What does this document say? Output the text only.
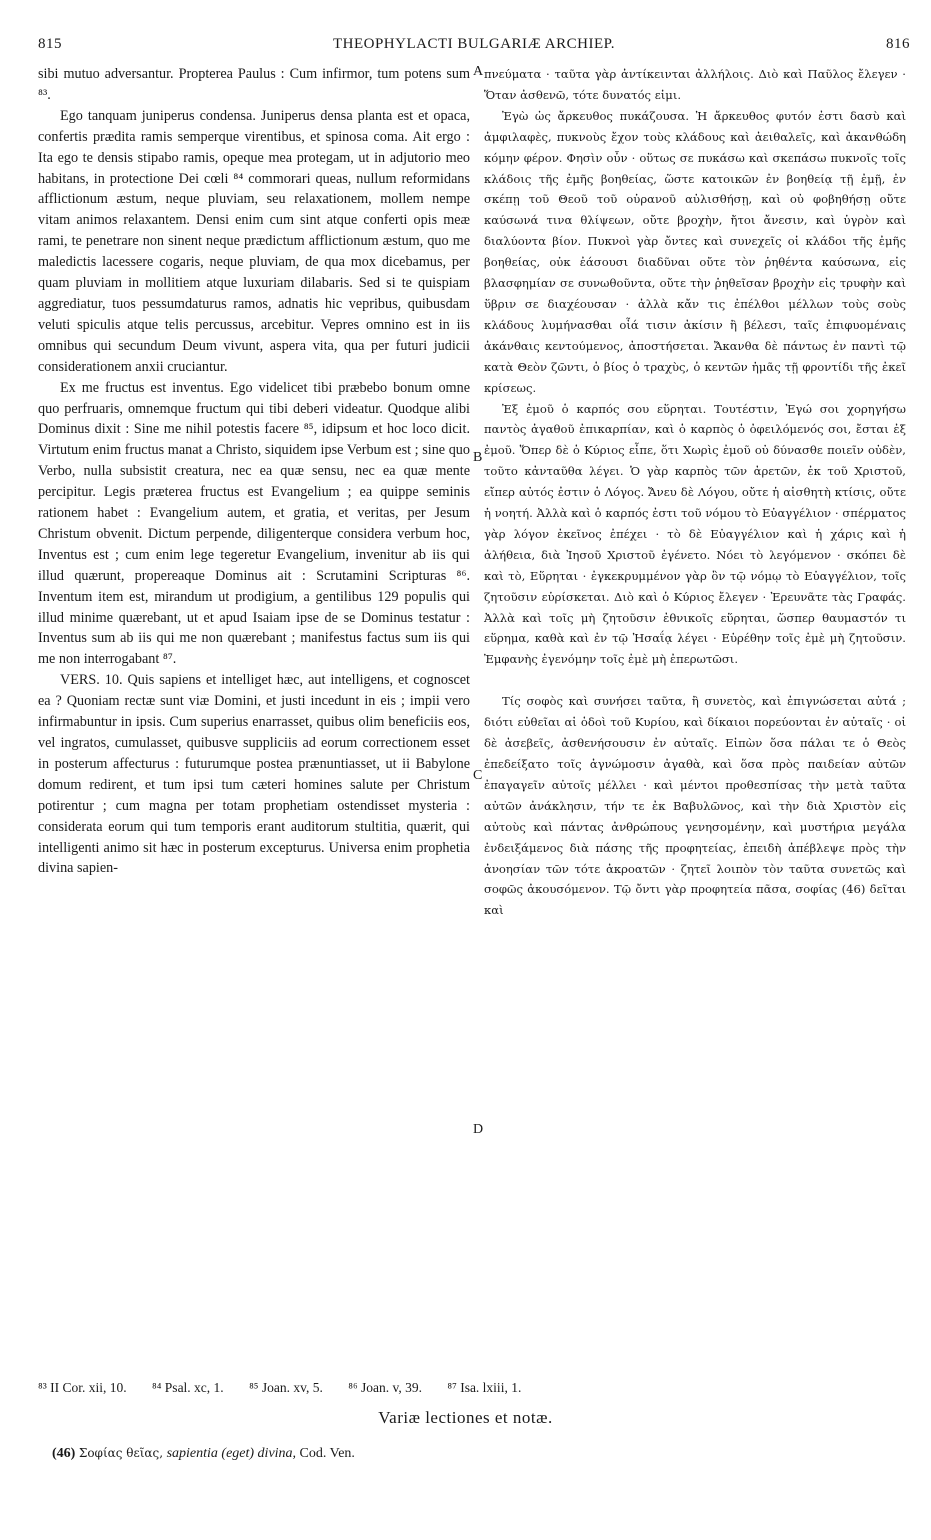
815	THEOPHYLACTI BULGARIÆ ARCHIEP.	816

sibi mutuo adversantur. Propterea Paulus : Cum infirmor, tum potens sum ⁸³.

Ego tanquam juniperus condensa. Juniperus densa planta est et opaca, confertis prædita ramis semperque virentibus, et spinosa coma. Ait ergo : Ita ego te densis stipabo ramis, opeque mea protegam, ut in adjutorio meo habitans, in protectione Dei cœli ⁸⁴ commorari queas, nullum reformidans afflictionum æstum, neque pluviam, seu relaxationem, mollem nempe vitam animos relaxantem. Densi enim cum sint atque conferti opis meæ rami, te penetrare non sinent neque prædictum afflictionum æstum, quo me maledictis lacessere cogaris, neque pluviam, de qua mox dicebamus, per quam pluviam in mollitiem atque luxuriam dilabaris. Sed si te quispiam aggrediatur, tuos pessumdaturus ramos, adnatis hic vepribus, quibusdam veluti spiculis atque telis percussus, arcebitur. Vepres omnino est in iis omnibus qui secundum Deum vivunt, aspera vita, qua per futuri judicii considerationem anxii cruciantur.

Ex me fructus est inventus. Ego videlicet tibi præbebo bonum omne quo perfruaris, omnemque fructum qui tibi deberi videatur. Quodque alibi Dominus dixit : Sine me nihil potestis facere ⁸⁵, idipsum et hoc loco dicit. Virtutum enim fructus manat a Christo, siquidem ipse Verbum est ; sine quo Verbo, nulla subsistit creatura, nec ea quæ sensu, nec ea quæ mente percipitur. Legis præterea fructus est Evangelium ; ea quippe seminis rationem habet : Evangelium autem, et gratia, et veritas, per Jesum Christum obvenit. Dictum perpende, diligenterque considera verbum hoc, Inventus est ; cum enim lege tegeretur Evangelium, invenitur ab iis qui illud quærunt, propereaque Dominus ait : Scrutamini Scripturas ⁸⁶. Inventum item est, mirandum ut prodigium, a gentilibus 129 populis qui illud minime quærebant, ut et apud Isaiam ipse de se Dominus testatur : Inventus sum ab iis qui me non quærebant ; manifestus factus sum iis qui me non interrogabant ⁸⁷.

VERS. 10. Quis sapiens et intelliget hæc, aut intelligens, et cognoscet ea ? Quoniam rectæ sunt viæ Domini, et justi incedunt in eis ; impii vero infirmabuntur in ipsis. Cum superius enarrasset, quibus olim beneficiis eos, vel ingratos, cumulasset, quibusve suppliciis ad eorum correctionem esset in posterum affecturus : futurumque postea prænuntiasset, ut ii Babylone domum redirent, et tum ipsi tum cæteri homines salute per Christum potirentur ; cum magna per totam prophetiam ostendisset mysteria : considerata eorum qui tum temporis erant auditorum stultitia, quærit, qui intelligenti animo sit hæc in posterum excepturus. Universa enim prophetia divina sapien-

A
B
C
D

πνεύματα · ταῦτα γὰρ ἀντίκεινται ἀλλήλοις. Διὸ καὶ Παῦλος ἔλεγεν · Ὅταν ἀσθενῶ, τότε δυνατός εἰμι.

Ἐγὼ ὡς ἄρκευθος πυκάζουσα. Ἡ ἄρκευθος φυτόν ἐστι δασὺ καὶ ἀμφιλαφὲς, πυκνοὺς ἔχον τοὺς κλάδους καὶ ἀειθαλεῖς, καὶ ἀκανθώδη κόμην φέρον. Φησὶν οὖν · οὕτως σε πυκάσω καὶ σκεπάσω πυκνοῖς τοῖς κλάδοις τῆς ἐμῆς βοηθείας, ὥστε κατοικῶν ἐν βοηθείᾳ τῇ ἐμῇ, ἐν σκέπῃ τοῦ Θεοῦ τοῦ οὐρανοῦ αὐλισθήσῃ, καὶ οὐ φοβηθήσῃ οὔτε καύσωνά τινα θλίψεων, οὔτε βροχὴν, ἤτοι ἄνεσιν, καὶ ὑγρὸν καὶ διαλύοντα βίον. Πυκνοὶ γὰρ ὄντες καὶ συνεχεῖς οἱ κλάδοι τῆς ἐμῆς βοηθείας, οὐκ ἐάσουσι διαδῦναι οὔτε τὸν ῥηθέντα καύσωνα, εἰς βλασφημίαν σε συνωθοῦντα, οὔτε τὴν ῥηθεῖσαν βροχὴν εἰς τρυφὴν καὶ ὕβριν σε διαχέουσαν · ἀλλὰ κἄν τις ἐπέλθοι μέλλων τοὺς σοὺς κλάδους λυμήνασθαι οἷά τισιν ἀκίσιν ἢ βέλεσι, ταῖς ἐπιφυομέναις ἀκάνθαις κεντούμενος, ἀποστήσεται. Ἄκανθα δὲ πάντως ἐν παντὶ τῷ κατὰ Θεὸν ζῶντι, ὁ βίος ὁ τραχὺς, ὁ κεντῶν ἡμᾶς τῇ φροντίδι τῆς ἐκεῖ κρίσεως.

Ἐξ ἐμοῦ ὁ καρπός σου εὕρηται. Τουτέστιν, Ἐγώ σοι χορηγήσω παντὸς ἀγαθοῦ ἐπικαρπίαν, καὶ ὁ καρπὸς ὁ ὀφειλόμενός σοι, ἔσται ἐξ ἐμοῦ. Ὅπερ δὲ ὁ Κύριος εἶπε, ὅτι Χωρὶς ἐμοῦ οὐ δύνασθε ποιεῖν οὐδὲν, τοῦτο κἀνταῦθα λέγει. Ὁ γὰρ καρπὸς τῶν ἀρετῶν, ἐκ τοῦ Χριστοῦ, εἴπερ αὐτός ἐστιν ὁ Λόγος. Ἄνευ δὲ Λόγου, οὔτε ἡ αἰσθητὴ κτίσις, οὔτε ἡ νοητή. Ἀλλὰ καὶ ὁ καρπός ἐστι τοῦ νόμου τὸ Εὐαγγέλιον · σπέρματος γὰρ λόγον ἐκεῖνος ἐπέχει · τὸ δὲ Εὐαγγέλιον καὶ ἡ χάρις καὶ ἡ ἀλήθεια, διὰ Ἰησοῦ Χριστοῦ ἐγένετο. Νόει τὸ λεγόμενον · σκόπει δὲ καὶ τὸ, Εὕρηται · ἐγκεκρυμμένον γὰρ ὂν τῷ νόμῳ τὸ Εὐαγγέλιον, τοῖς ζητοῦσιν εὑρίσκεται. Διὸ καὶ ὁ Κύριος ἔλεγεν · Ἐρευνᾶτε τὰς Γραφάς. Ἀλλὰ καὶ τοῖς μὴ ζητοῦσιν ἐθνικοῖς εὕρηται, ὥσπερ θαυμαστόν τι εὕρημα, καθὰ καὶ ἐν τῷ Ἡσαΐᾳ λέγει · Εὑρέθην τοῖς ἐμὲ μὴ ζητοῦσιν. Ἐμφανὴς ἐγενόμην τοῖς ἐμὲ μὴ ἐπερωτῶσι.

Τίς σοφὸς καὶ συνήσει ταῦτα, ἢ συνετὸς, καὶ ἐπιγνώσεται αὐτά ; διότι εὐθεῖαι αἱ ὁδοὶ τοῦ Κυρίου, καὶ δίκαιοι πορεύονται ἐν αὐταῖς · οἱ δὲ ἀσεβεῖς, ἀσθενήσουσιν ἐν αὐταῖς. Εἰπὼν ὅσα πάλαι τε ὁ Θεὸς ἐπεδείξατο τοῖς ἀγνώμοσιν ἀγαθὰ, καὶ ὅσα πρὸς παιδείαν αὐτῶν ἐπαγαγεῖν αὐτοῖς μέλλει · καὶ μέντοι προθεσπίσας τὴν μετὰ ταῦτα αὐτῶν ἀνάκλησιν, τήν τε ἐκ Βαβυλῶνος, καὶ τὴν διὰ Χριστὸν εἰς αὐτοὺς καὶ πάντας ἀνθρώπους γενησομένην, καὶ μυστήρια μεγάλα ἐνδειξάμενος διὰ πάσης τῆς προφητείας, ἐπειδὴ ἀπέβλεψε πρὸς τὴν ἀνοησίαν τῶν τότε ἀκροατῶν · ζητεῖ λοιπὸν τὸν ταῦτα συνετῶς καὶ σοφῶς ἀκουσόμενον. Τῷ ὄντι γὰρ προφητεία πᾶσα, σοφίας (46) δεῖται καὶ

⁸³ II Cor. xii, 10. ⁸⁴ Psal. xc, 1. ⁸⁵ Joan. xv, 5. ⁸⁶ Joan. v, 39. ⁸⁷ Isa. lxiii, 1.
Variæ lectiones et notæ.
(46) Σοφίας θεῖας, sapientia (eget) divina, Cod. Ven.
